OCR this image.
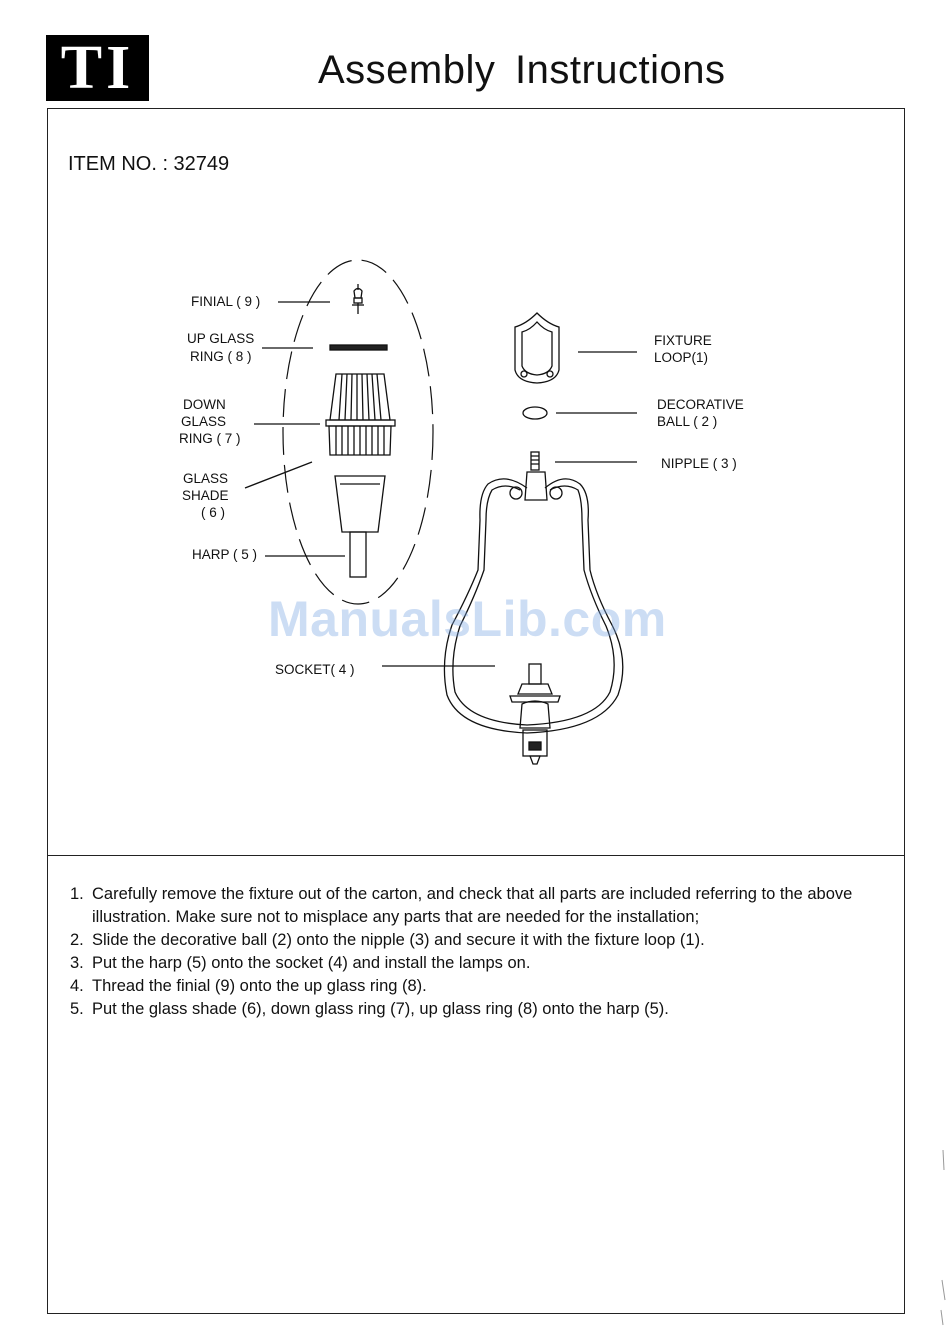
TI	Assembly Instructions
ITEM NO. : 32749
FINIAL ( 9 )
UP GLASS
RING ( 8 )
DOWN
GLASS
RING ( 7 )
GLASS
SHADE
( 6 )
HARP ( 5 )
SOCKET( 4 )
FIXTURE
LOOP(1)
DECORATIVE
BALL ( 2 )
NIPPLE ( 3 )
ManualsLib.com
1. Carefully remove the fixture out of the carton, and check that all parts are included referring to the above illustration. Make sure not to misplace any parts that are needed for the installation;
2. Slide the decorative ball (2) onto the nipple (3) and secure it with the fixture loop (1).
3. Put the harp (5) onto the socket (4) and install the lamps on.
4. Thread the finial (9) onto the up glass ring (8).
5. Put the glass shade (6), down glass ring (7), up glass ring (8) onto the harp (5).
